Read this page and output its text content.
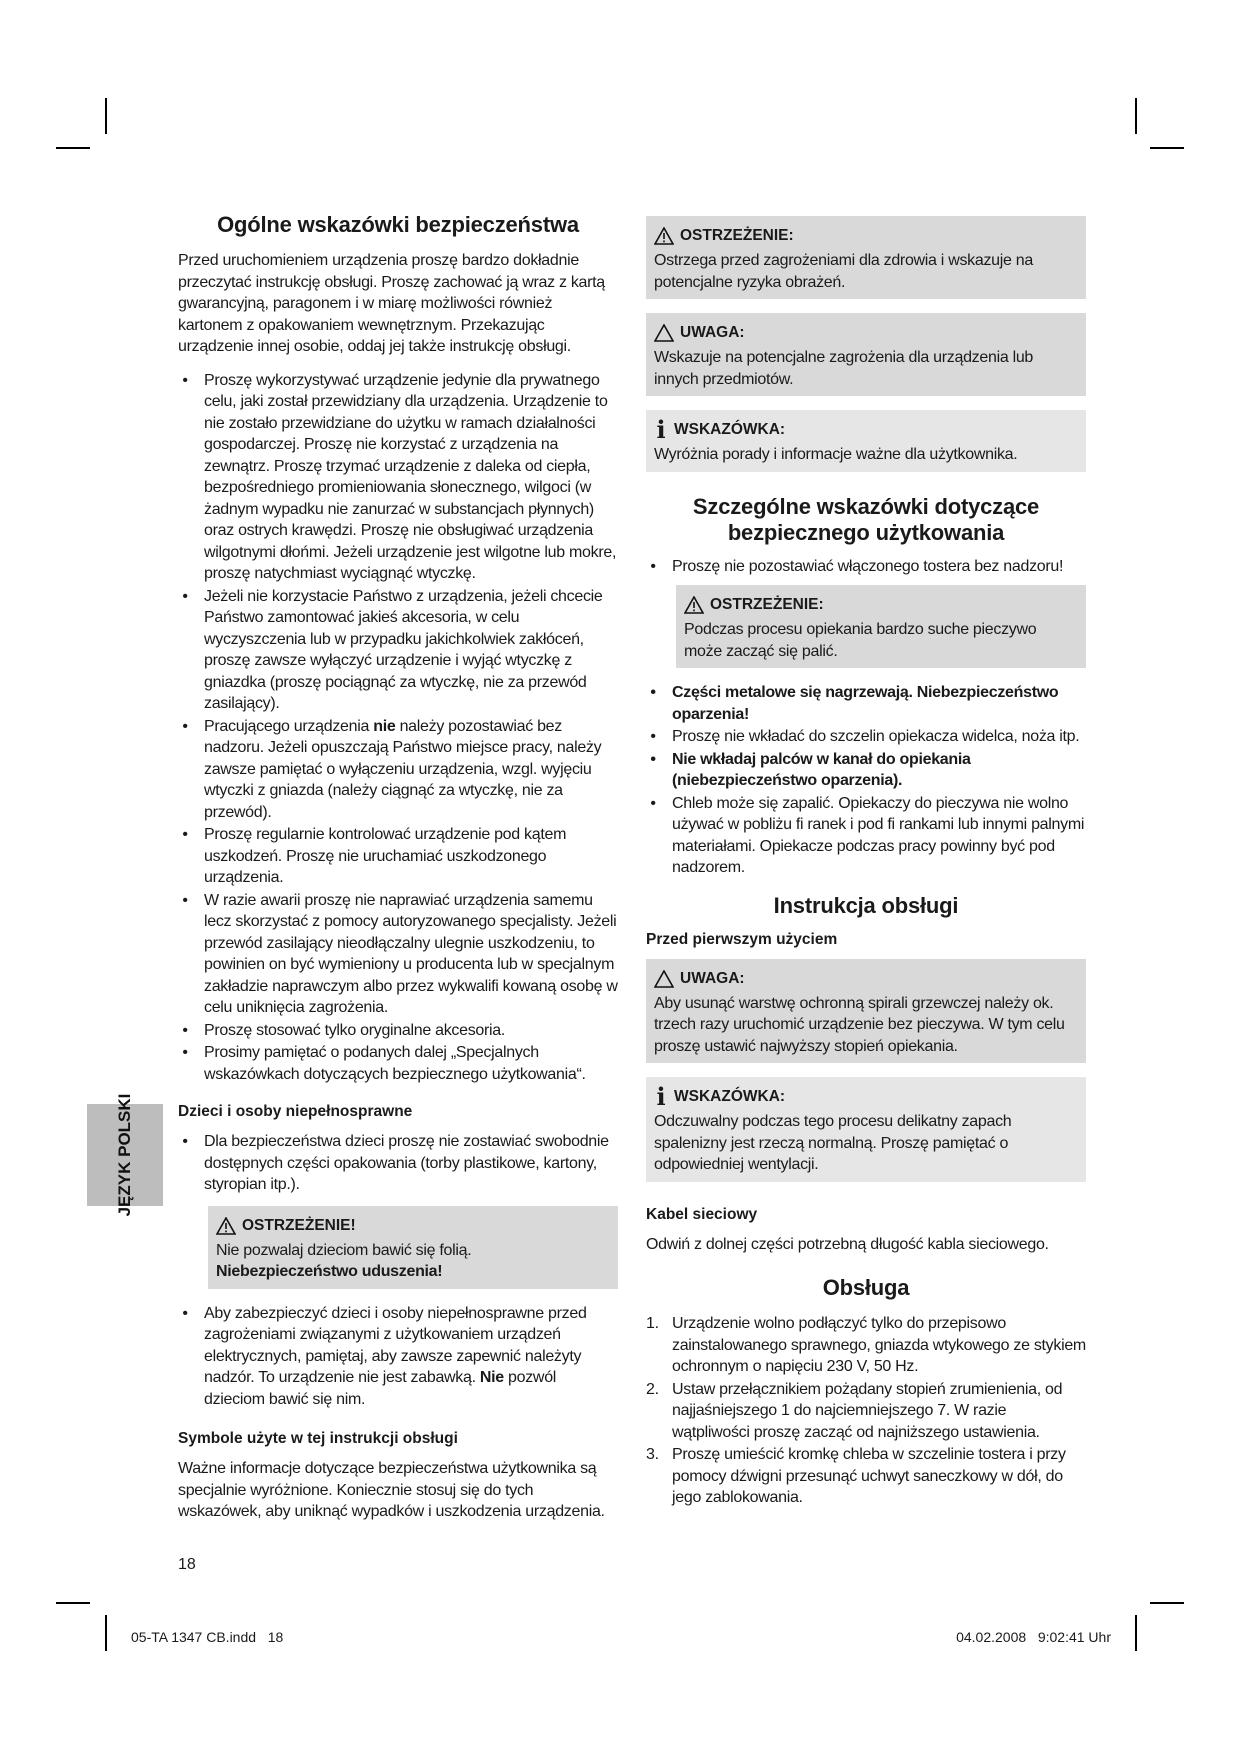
Ogólne wskazówki bezpieczeństwa

Przed uruchomieniem urządzenia proszę bardzo dokładnie przeczytać instrukcję obsługi. Proszę zachować ją wraz z kartą gwarancyjną, paragonem i w miarę możliwości również kartonem z opakowaniem wewnętrznym. Przekazując urządzenie innej osobie, oddaj jej także instrukcję obsługi.

• Proszę wykorzystywać urządzenie jedynie dla prywatnego celu, jaki został przewidziany dla urządzenia. Urządzenie to nie zostało przewidziane do użytku w ramach działalności gospodarczej. Proszę nie korzystać z urządzenia na zewnątrz. Proszę trzymać urządzenie z daleka od ciepła, bezpośredniego promieniowania słonecznego, wilgoci (w żadnym wypadku nie zanurzać w substancjach płynnych) oraz ostrych krawędzi. Proszę nie obsługiwać urządzenia wilgotnymi dłońmi. Jeżeli urządzenie jest wilgotne lub mokre, proszę natychmiast wyciągnąć wtyczkę.
• Jeżeli nie korzystacie Państwo z urządzenia, jeżeli chcecie Państwo zamontować jakieś akcesoria, w celu wyczyszczenia lub w przypadku jakichkolwiek zakłóceń, proszę zawsze wyłączyć urządzenie i wyjąć wtyczkę z gniazdka (proszę pociągnąć za wtyczkę, nie za przewód zasilający).
• Pracującego urządzenia nie należy pozostawiać bez nadzoru. Jeżeli opuszczają Państwo miejsce pracy, należy zawsze pamiętać o wyłączeniu urządzenia, wzgl. wyjęciu wtyczki z gniazda (należy ciągnąć za wtyczkę, nie za przewód).
• Proszę regularnie kontrolować urządzenie pod kątem uszkodzeń. Proszę nie uruchamiać uszkodzonego urządzenia.
• W razie awarii proszę nie naprawiać urządzenia samemu lecz skorzystać z pomocy autoryzowanego specjalisty. Jeżeli przewód zasilający nieodłączalny ulegnie uszkodzeniu, to powinien on być wymieniony u producenta lub w specjalnym zakładzie naprawczym albo przez wykwalifi kowaną osobę w celu uniknięcia zagrożenia.
• Proszę stosować tylko oryginalne akcesoria.
• Prosimy pamiętać o podanych dalej „Specjalnych wskazówkach dotyczących bezpiecznego użytkowania“.
Dzieci i osoby niepełnosprawne
• Dla bezpieczeństwa dzieci proszę nie zostawiać swobodnie dostępnych części opakowania (torby plastikowe, kartony, styropian itp.).
OSTRZEŻENIE!
Nie pozwalaj dzieciom bawić się folią.
Niebezpieczeństwo uduszenia!
• Aby zabezpieczyć dzieci i osoby niepełnosprawne przed zagrożeniami związanymi z użytkowaniem urządzeń elektrycznych, pamiętaj, aby zawsze zapewnić należyty nadzór. To urządzenie nie jest zabawką. Nie pozwól dzieciom bawić się nim.
Symbole użyte w tej instrukcji obsługi

Ważne informacje dotyczące bezpieczeństwa użytkownika są specjalnie wyróżnione. Koniecznie stosuj się do tych wskazówek, aby uniknąć wypadków i uszkodzenia urządzenia.

OSTRZEŻENIE:
Ostrzega przed zagrożeniami dla zdrowia i wskazuje na potencjalne ryzyka obrażeń.
UWAGA:
Wskazuje na potencjalne zagrożenia dla urządzenia lub innych przedmiotów.
i WSKAZÓWKA:
Wyróżnia porady i informacje ważne dla użytkownika.
Szczególne wskazówki dotyczące
bezpiecznego użytkowania
• Proszę nie pozostawiać włączonego tostera bez nadzoru!
OSTRZEŻENIE:
Podczas procesu opiekania bardzo suche pieczywo może zacząć się palić.
• Części metalowe się nagrzewają. Niebezpieczeństwo oparzenia!
• Proszę nie wkładać do szczelin opiekacza widelca, noża itp.
• Nie wkładaj palców w kanał do opiekania (niebezpieczeństwo oparzenia).
• Chleb może się zapalić. Opiekaczy do pieczywa nie wolno używać w pobliżu fi ranek i pod fi rankami lub innymi palnymi materiałami. Opiekacze podczas pracy powinny być pod nadzorem.
Instrukcja obsługi
Przed pierwszym użyciem
UWAGA:
Aby usunąć warstwę ochronną spirali grzewczej należy ok. trzech razy uruchomić urządzenie bez pieczywa. W tym celu proszę ustawić najwyższy stopień opiekania.
i WSKAZÓWKA:
Odczuwalny podczas tego procesu delikatny zapach spalenizny jest rzeczą normalną. Proszę pamiętać o odpowiedniej wentylacji.
Kabel sieciowy

Odwiń z dolnej części potrzebną długość kabla sieciowego.

Obsługa
1. Urządzenie wolno podłączyć tylko do przepisowo zainstalowanego sprawnego, gniazda wtykowego ze stykiem ochronnym o napięciu 230 V, 50 Hz.
2. Ustaw przełącznikiem pożądany stopień zrumienienia, od najjaśniejszego 1 do najciemniejszego 7. W razie wątpliwości proszę zacząć od najniższego ustawienia.
3. Proszę umieścić kromkę chleba w szczelinie tostera i przy pomocy dźwigni przesunąć uchwyt saneczkowy w dół, do jego zablokowania.
JĘZYK POLSKI
18
05-TA 1347 CB.indd   18	04.02.2008   9:02:41 Uhr
